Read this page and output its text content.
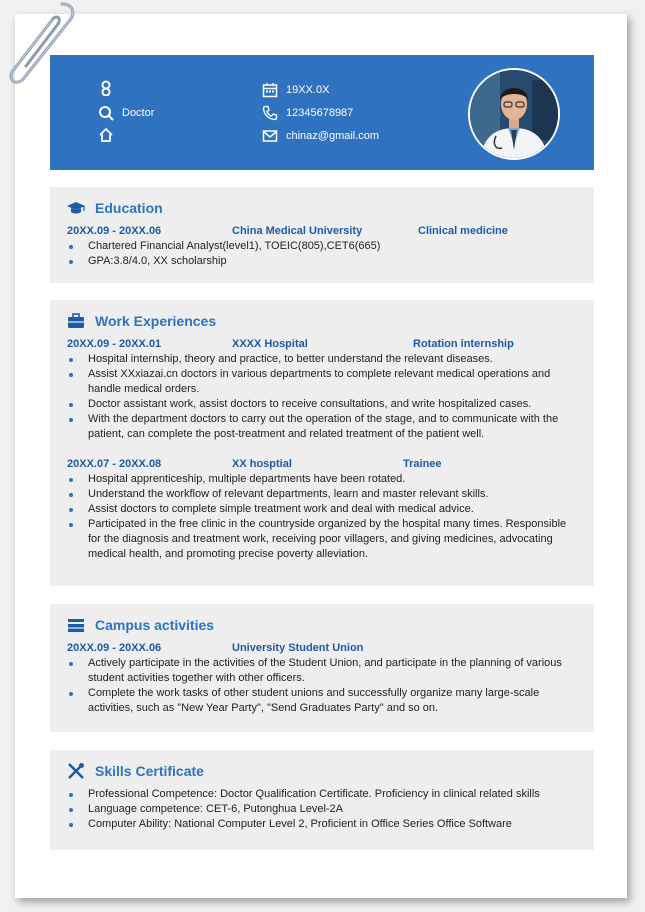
Doctor
19XX.0X
12345678987
chinaz@gmail.com
Education
20XX.09 - 20XX.06	China Medical University	Clinical medicine
Chartered Financial Analyst(level1), TOEIC(805),CET6(665)
GPA:3.8/4.0, XX scholarship
Work Experiences
20XX.09 - 20XX.01	XXXX Hospital	Rotation internship
Hospital internship, theory and practice, to better understand the relevant diseases.
Assist XXxiazai.cn doctors in various departments to complete relevant medical operations and handle medical orders.
Doctor assistant work, assist doctors to receive consultations, and write hospitalized cases.
With the department doctors to carry out the operation of the stage, and to communicate with the patient, can complete the post-treatment and related treatment of the patient well.
20XX.07 - 20XX.08	XX hosptial	Trainee
Hospital apprenticeship, multiple departments have been rotated.
Understand the workflow of relevant departments, learn and master relevant skills.
Assist doctors to complete simple treatment work and deal with medical advice.
Participated in the free clinic in the countryside organized by the hospital many times. Responsible for the diagnosis and treatment work, receiving poor villagers, and giving medicines, advocating medical health, and promoting precise poverty alleviation.
Campus activities
20XX.09 - 20XX.06	University Student Union
Actively participate in the activities of the Student Union, and participate in the planning of various student activities together with other officers.
Complete the work tasks of other student unions and successfully organize many large-scale activities, such as "New Year Party", "Send Graduates Party" and so on.
Skills Certificate
Professional Competence: Doctor Qualification Certificate. Proficiency in clinical related skills
Language competence: CET-6, Putonghua Level-2A
Computer Ability: National Computer Level 2, Proficient in Office Series Office Software
